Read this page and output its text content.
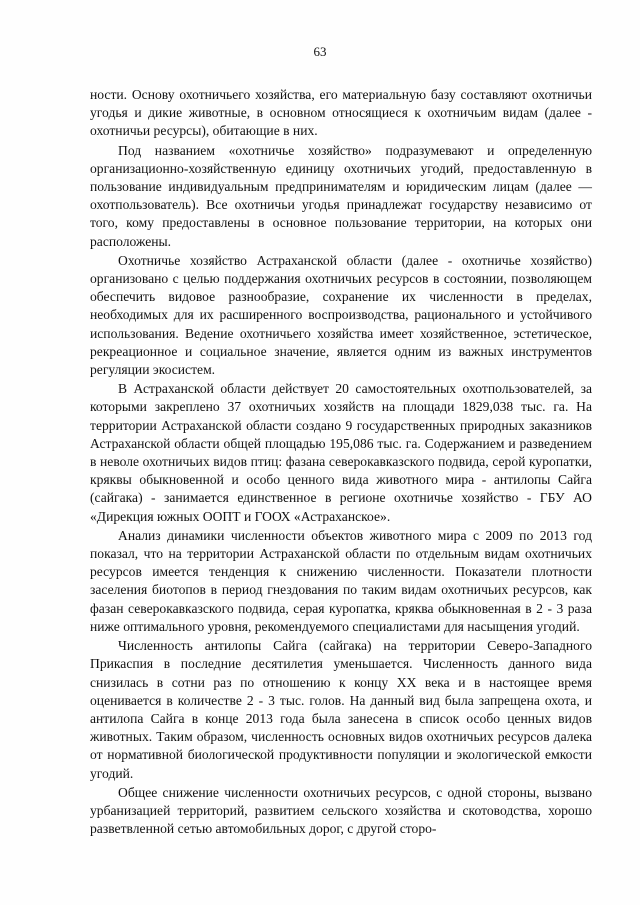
63

ности. Основу охотничьего хозяйства, его материальную базу составляют охотничьи угодья и дикие животные, в основном относящиеся к охотничьим видам (далее - охотничьи ресурсы), обитающие в них.

Под названием «охотничье хозяйство» подразумевают и определенную организационно-хозяйственную единицу охотничьих угодий, предоставленную в пользование индивидуальным предпринимателям и юридическим лицам (далее — охотпользователь). Все охотничьи угодья принадлежат государству независимо от того, кому предоставлены в основное пользование территории, на которых они расположены.

Охотничье хозяйство Астраханской области (далее - охотничье хозяйство) организовано с целью поддержания охотничьих ресурсов в состоянии, позволяющем обеспечить видовое разнообразие, сохранение их численности в пределах, необходимых для их расширенного воспроизводства, рационального и устойчивого использования. Ведение охотничьего хозяйства имеет хозяйственное, эстетическое, рекреационное и социальное значение, является одним из важных инструментов регуляции экосистем.

В Астраханской области действует 20 самостоятельных охотпользователей, за которыми закреплено 37 охотничьих хозяйств на площади 1829,038 тыс. га. На территории Астраханской области создано 9 государственных природных заказников Астраханской области общей площадью 195,086 тыс. га. Содержанием и разведением в неволе охотничьих видов птиц: фазана северокавказского подвида, серой куропатки, кряквы обыкновенной и особо ценного вида животного мира - антилопы Сайга (сайгака) - занимается единственное в регионе охотничье хозяйство - ГБУ АО «Дирекция южных ООПТ и ГООХ «Астраханское».

Анализ динамики численности объектов животного мира с 2009 по 2013 год показал, что на территории Астраханской области по отдельным видам охотничьих ресурсов имеется тенденция к снижению численности. Показатели плотности заселения биотопов в период гнездования по таким видам охотничьих ресурсов, как фазан северокавказского подвида, серая куропатка, кряква обыкновенная в 2 - 3 раза ниже оптимального уровня, рекомендуемого специалистами для насыщения угодий.

Численность антилопы Сайга (сайгака) на территории Северо-Западного Прикаспия в последние десятилетия уменьшается. Численность данного вида снизилась в сотни раз по отношению к концу XX века и в настоящее время оценивается в количестве 2 - 3 тыс. голов. На данный вид была запрещена охота, и антилопа Сайга в конце 2013 года была занесена в список особо ценных видов животных. Таким образом, численность основных видов охотничьих ресурсов далека от нормативной биологической продуктивности популяции и экологической емкости угодий.

Общее снижение численности охотничьих ресурсов, с одной стороны, вызвано урбанизацией территорий, развитием сельского хозяйства и скотоводства, хорошо разветвленной сетью автомобильных дорог, с другой сторо-
